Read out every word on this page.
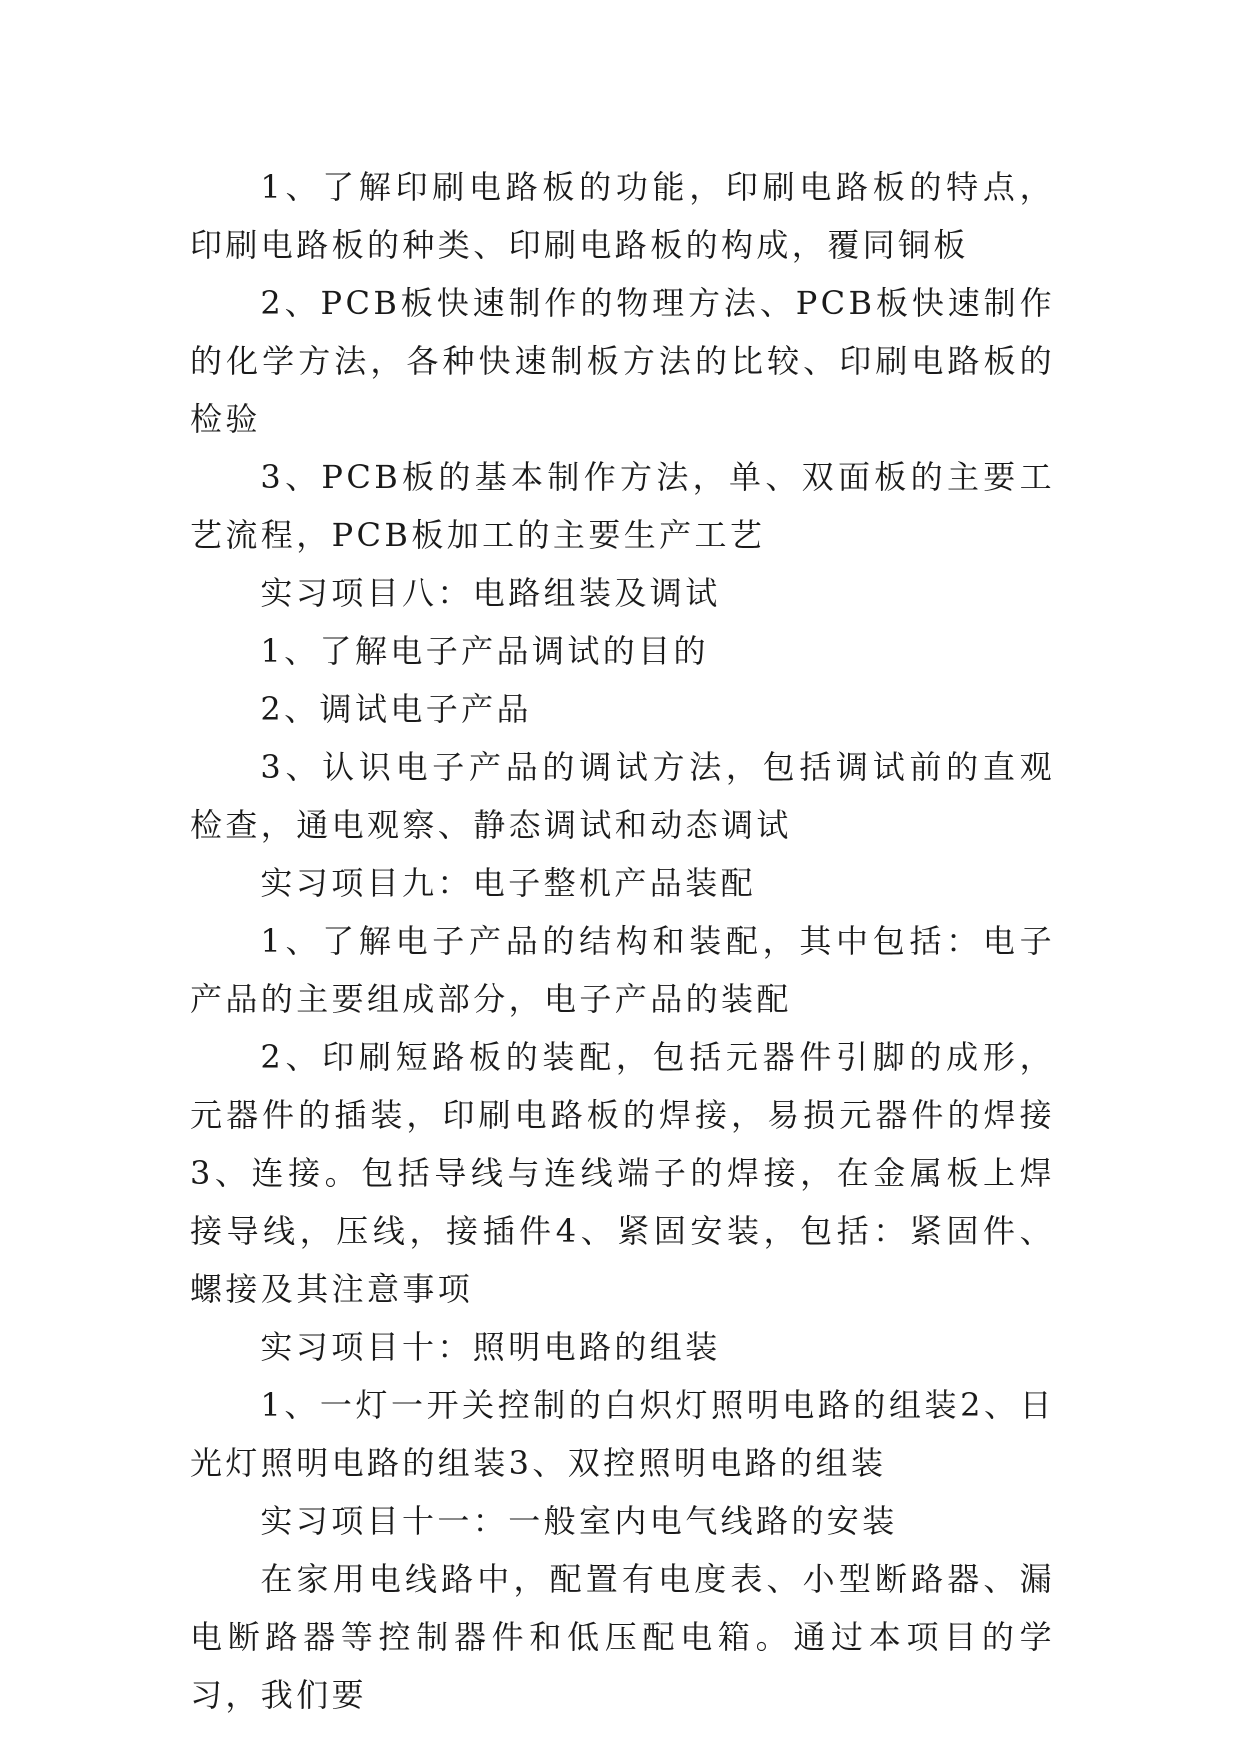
1、了解印刷电路板的功能，印刷电路板的特点，印刷电路板的种类、印刷电路板的构成，覆同铜板

2、PCB板快速制作的物理方法、PCB板快速制作的化学方法，各种快速制板方法的比较、印刷电路板的检验

3、PCB板的基本制作方法，单、双面板的主要工艺流程，PCB板加工的主要生产工艺

实习项目八：电路组装及调试

1、了解电子产品调试的目的

2、调试电子产品

3、认识电子产品的调试方法，包括调试前的直观检查，通电观察、静态调试和动态调试

实习项目九：电子整机产品装配

1、了解电子产品的结构和装配，其中包括：电子产品的主要组成部分，电子产品的装配

2、印刷短路板的装配，包括元器件引脚的成形，元器件的插装，印刷电路板的焊接，易损元器件的焊接3、连接。包括导线与连线端子的焊接，在金属板上焊接导线，压线，接插件4、紧固安装，包括：紧固件、螺接及其注意事项

实习项目十：照明电路的组装

1、一灯一开关控制的白炽灯照明电路的组装2、日光灯照明电路的组装3、双控照明电路的组装

实习项目十一：一般室内电气线路的安装

在家用电线路中，配置有电度表、小型断路器、漏电断路器等控制器件和低压配电箱。通过本项目的学习，我们要
